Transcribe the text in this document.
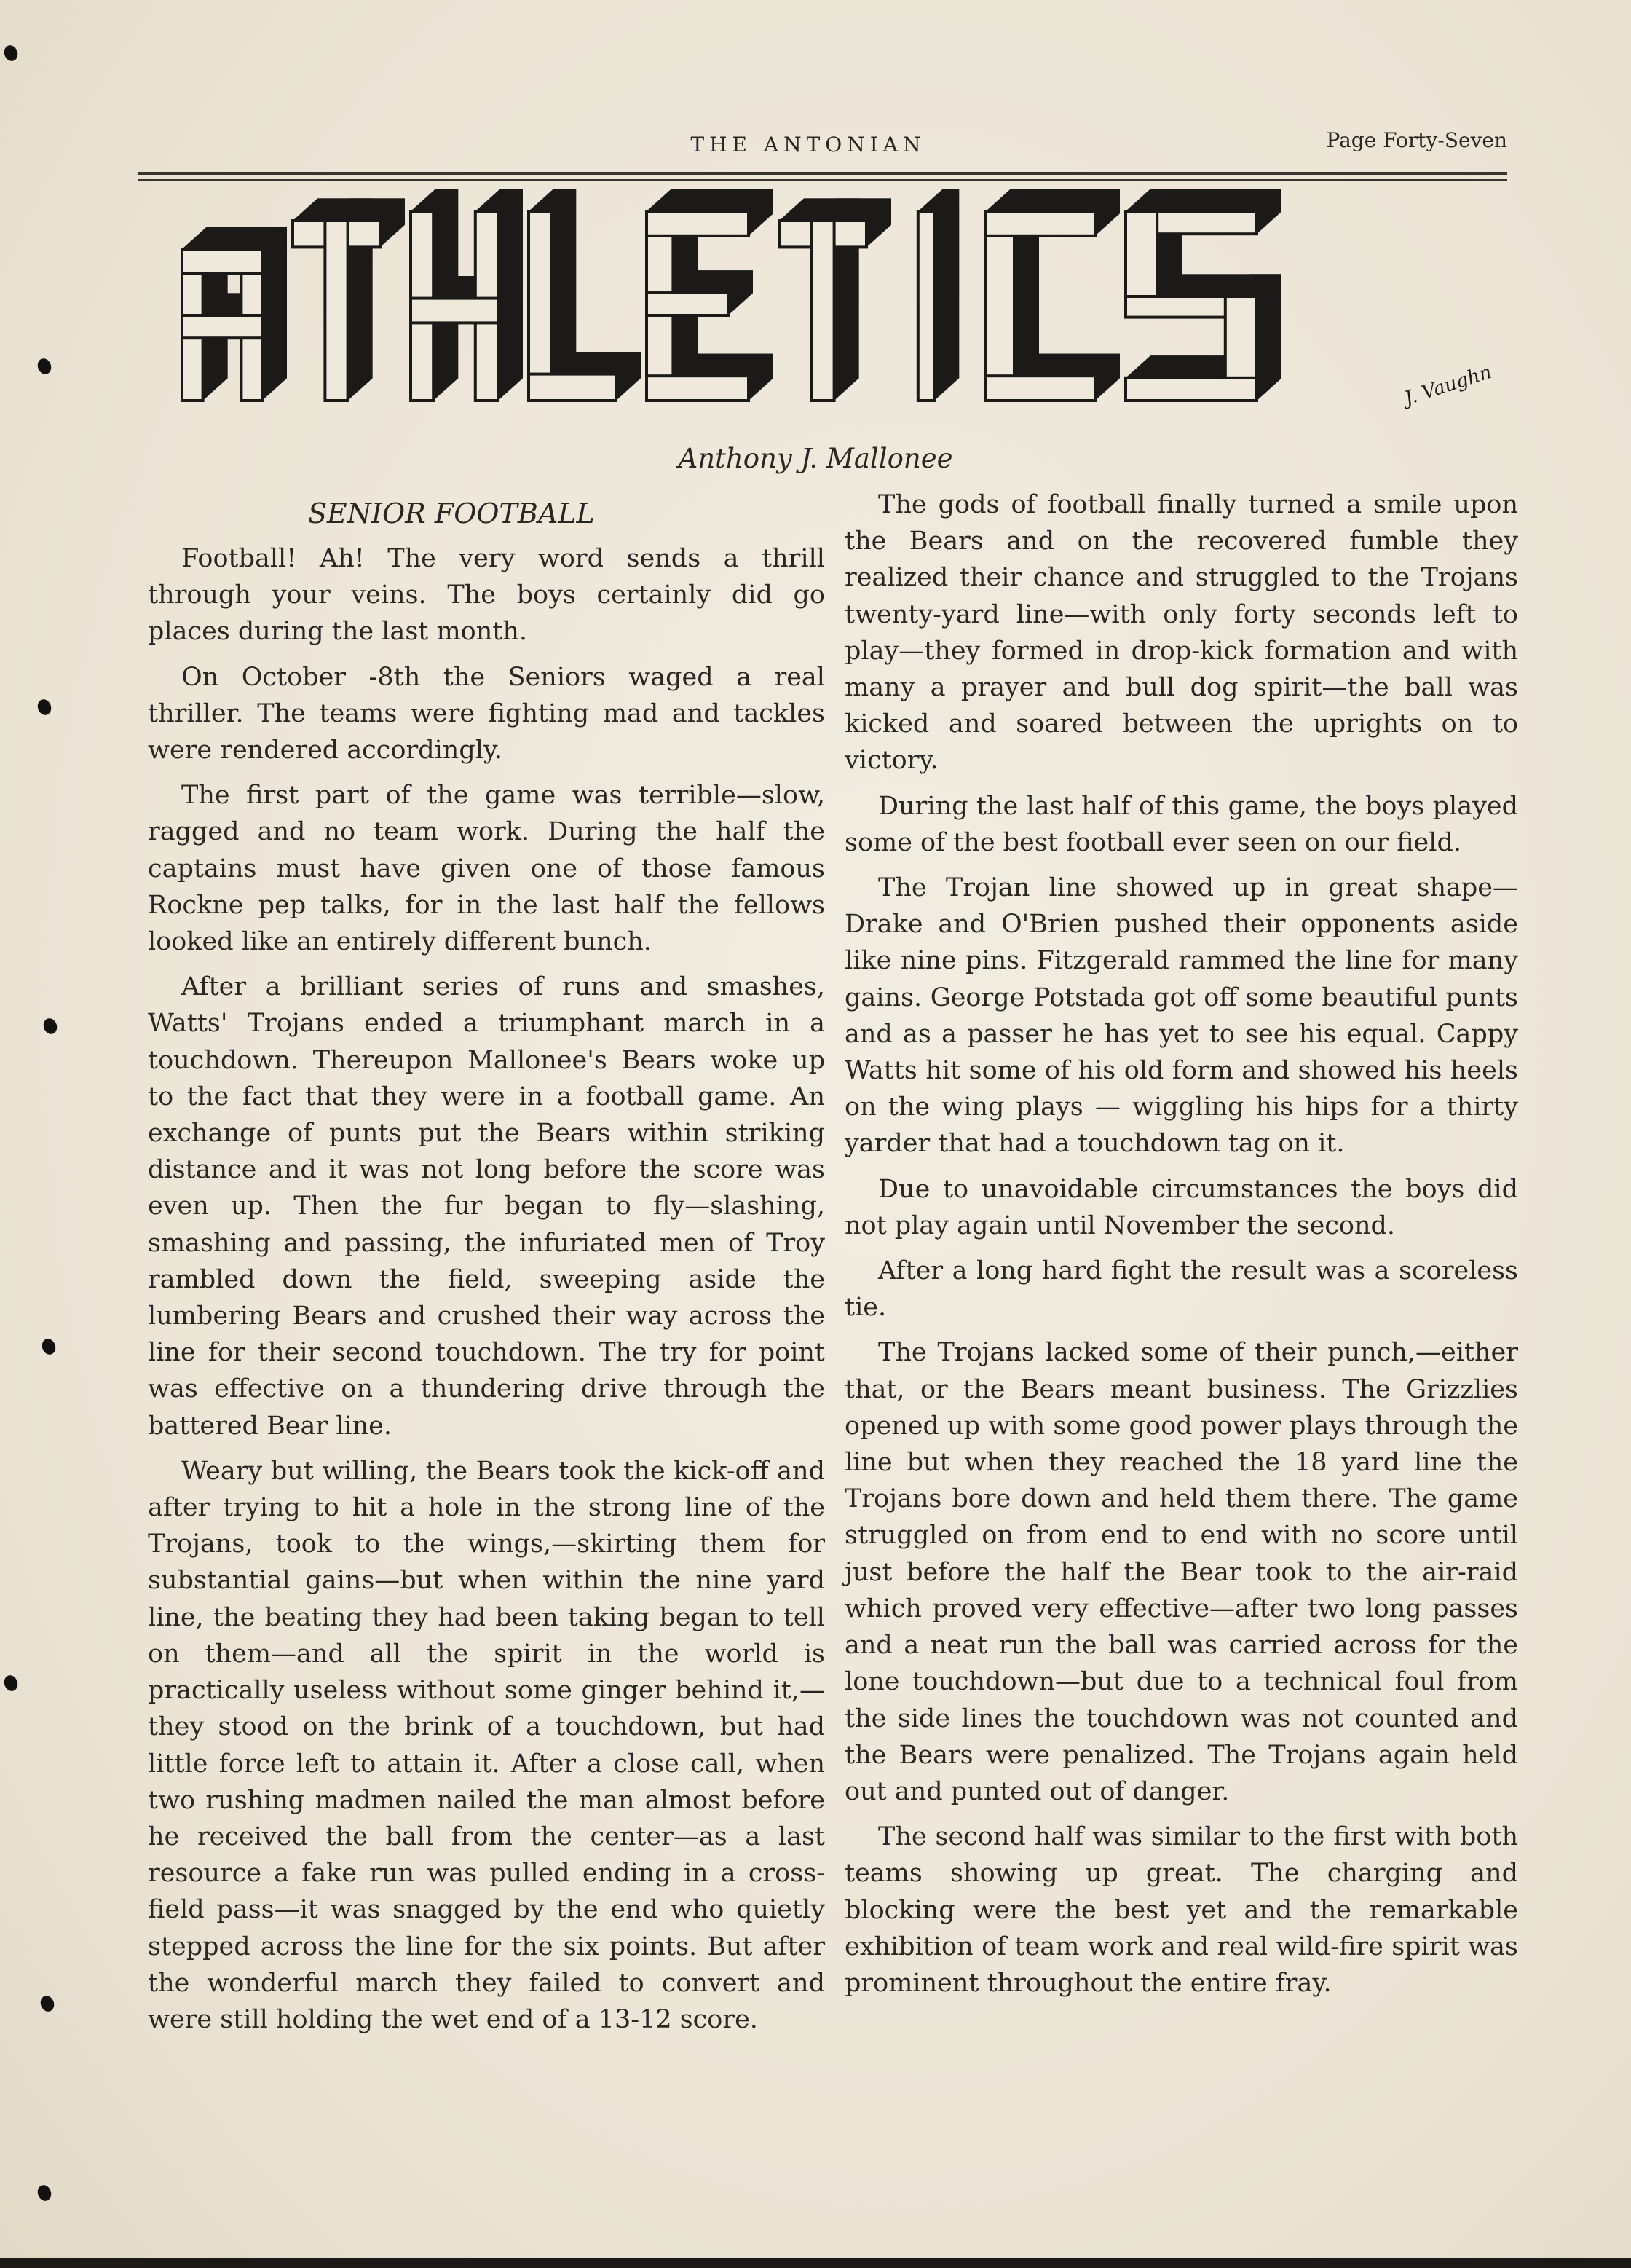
THE ANTONIAN	Page Forty-Seven
J. Vaughn
Anthony J. Mallonee
SENIOR FOOTBALL

Football! Ah! The very word sends a thrill through your veins. The boys certainly did go places during the last month.

On October -8th the Seniors waged a real thriller. The teams were fighting mad and tackles were rendered accordingly.

The first part of the game was terrible—slow, ragged and no team work. During the half the captains must have given one of those famous Rockne pep talks, for in the last half the fellows looked like an entirely different bunch.

After a brilliant series of runs and smashes, Watts' Trojans ended a triumphant march in a touchdown. Thereupon Mallonee's Bears woke up to the fact that they were in a football game. An exchange of punts put the Bears within striking distance and it was not long before the score was even up. Then the fur began to fly—slashing, smashing and passing, the infuriated men of Troy rambled down the field, sweeping aside the lumbering Bears and crushed their way across the line for their second touchdown. The try for point was effective on a thundering drive through the battered Bear line.

Weary but willing, the Bears took the kick-off and after trying to hit a hole in the strong line of the Trojans, took to the wings,—skirting them for substantial gains—but when within the nine yard line, the beating they had been taking began to tell on them—and all the spirit in the world is practically useless without some ginger behind it,—they stood on the brink of a touchdown, but had little force left to attain it. After a close call, when two rushing madmen nailed the man almost before he received the ball from the center—as a last resource a fake run was pulled ending in a cross-field pass—it was snagged by the end who quietly stepped across the line for the six points. But after the wonderful march they failed to convert and were still holding the wet end of a 13-12 score.

The gods of football finally turned a smile upon the Bears and on the recovered fumble they realized their chance and struggled to the Trojans twenty-yard line—with only forty seconds left to play—they formed in drop-kick formation and with many a prayer and bull dog spirit—the ball was kicked and soared between the uprights on to victory.

During the last half of this game, the boys played some of the best football ever seen on our field.

The Trojan line showed up in great shape—Drake and O'Brien pushed their opponents aside like nine pins. Fitzgerald rammed the line for many gains. George Potstada got off some beautiful punts and as a passer he has yet to see his equal. Cappy Watts hit some of his old form and showed his heels on the wing plays — wiggling his hips for a thirty yarder that had a touchdown tag on it.

Due to unavoidable circumstances the boys did not play again until November the second.

After a long hard fight the result was a scoreless tie.

The Trojans lacked some of their punch,—either that, or the Bears meant business. The Grizzlies opened up with some good power plays through the line but when they reached the 18 yard line the Trojans bore down and held them there. The game struggled on from end to end with no score until just before the half the Bear took to the air-raid which proved very effective—after two long passes and a neat run the ball was carried across for the lone touchdown—but due to a technical foul from the side lines the touchdown was not counted and the Bears were penalized. The Trojans again held out and punted out of danger.

The second half was similar to the first with both teams showing up great. The charging and blocking were the best yet and the remarkable exhibition of team work and real wild-fire spirit was prominent throughout the entire fray.
